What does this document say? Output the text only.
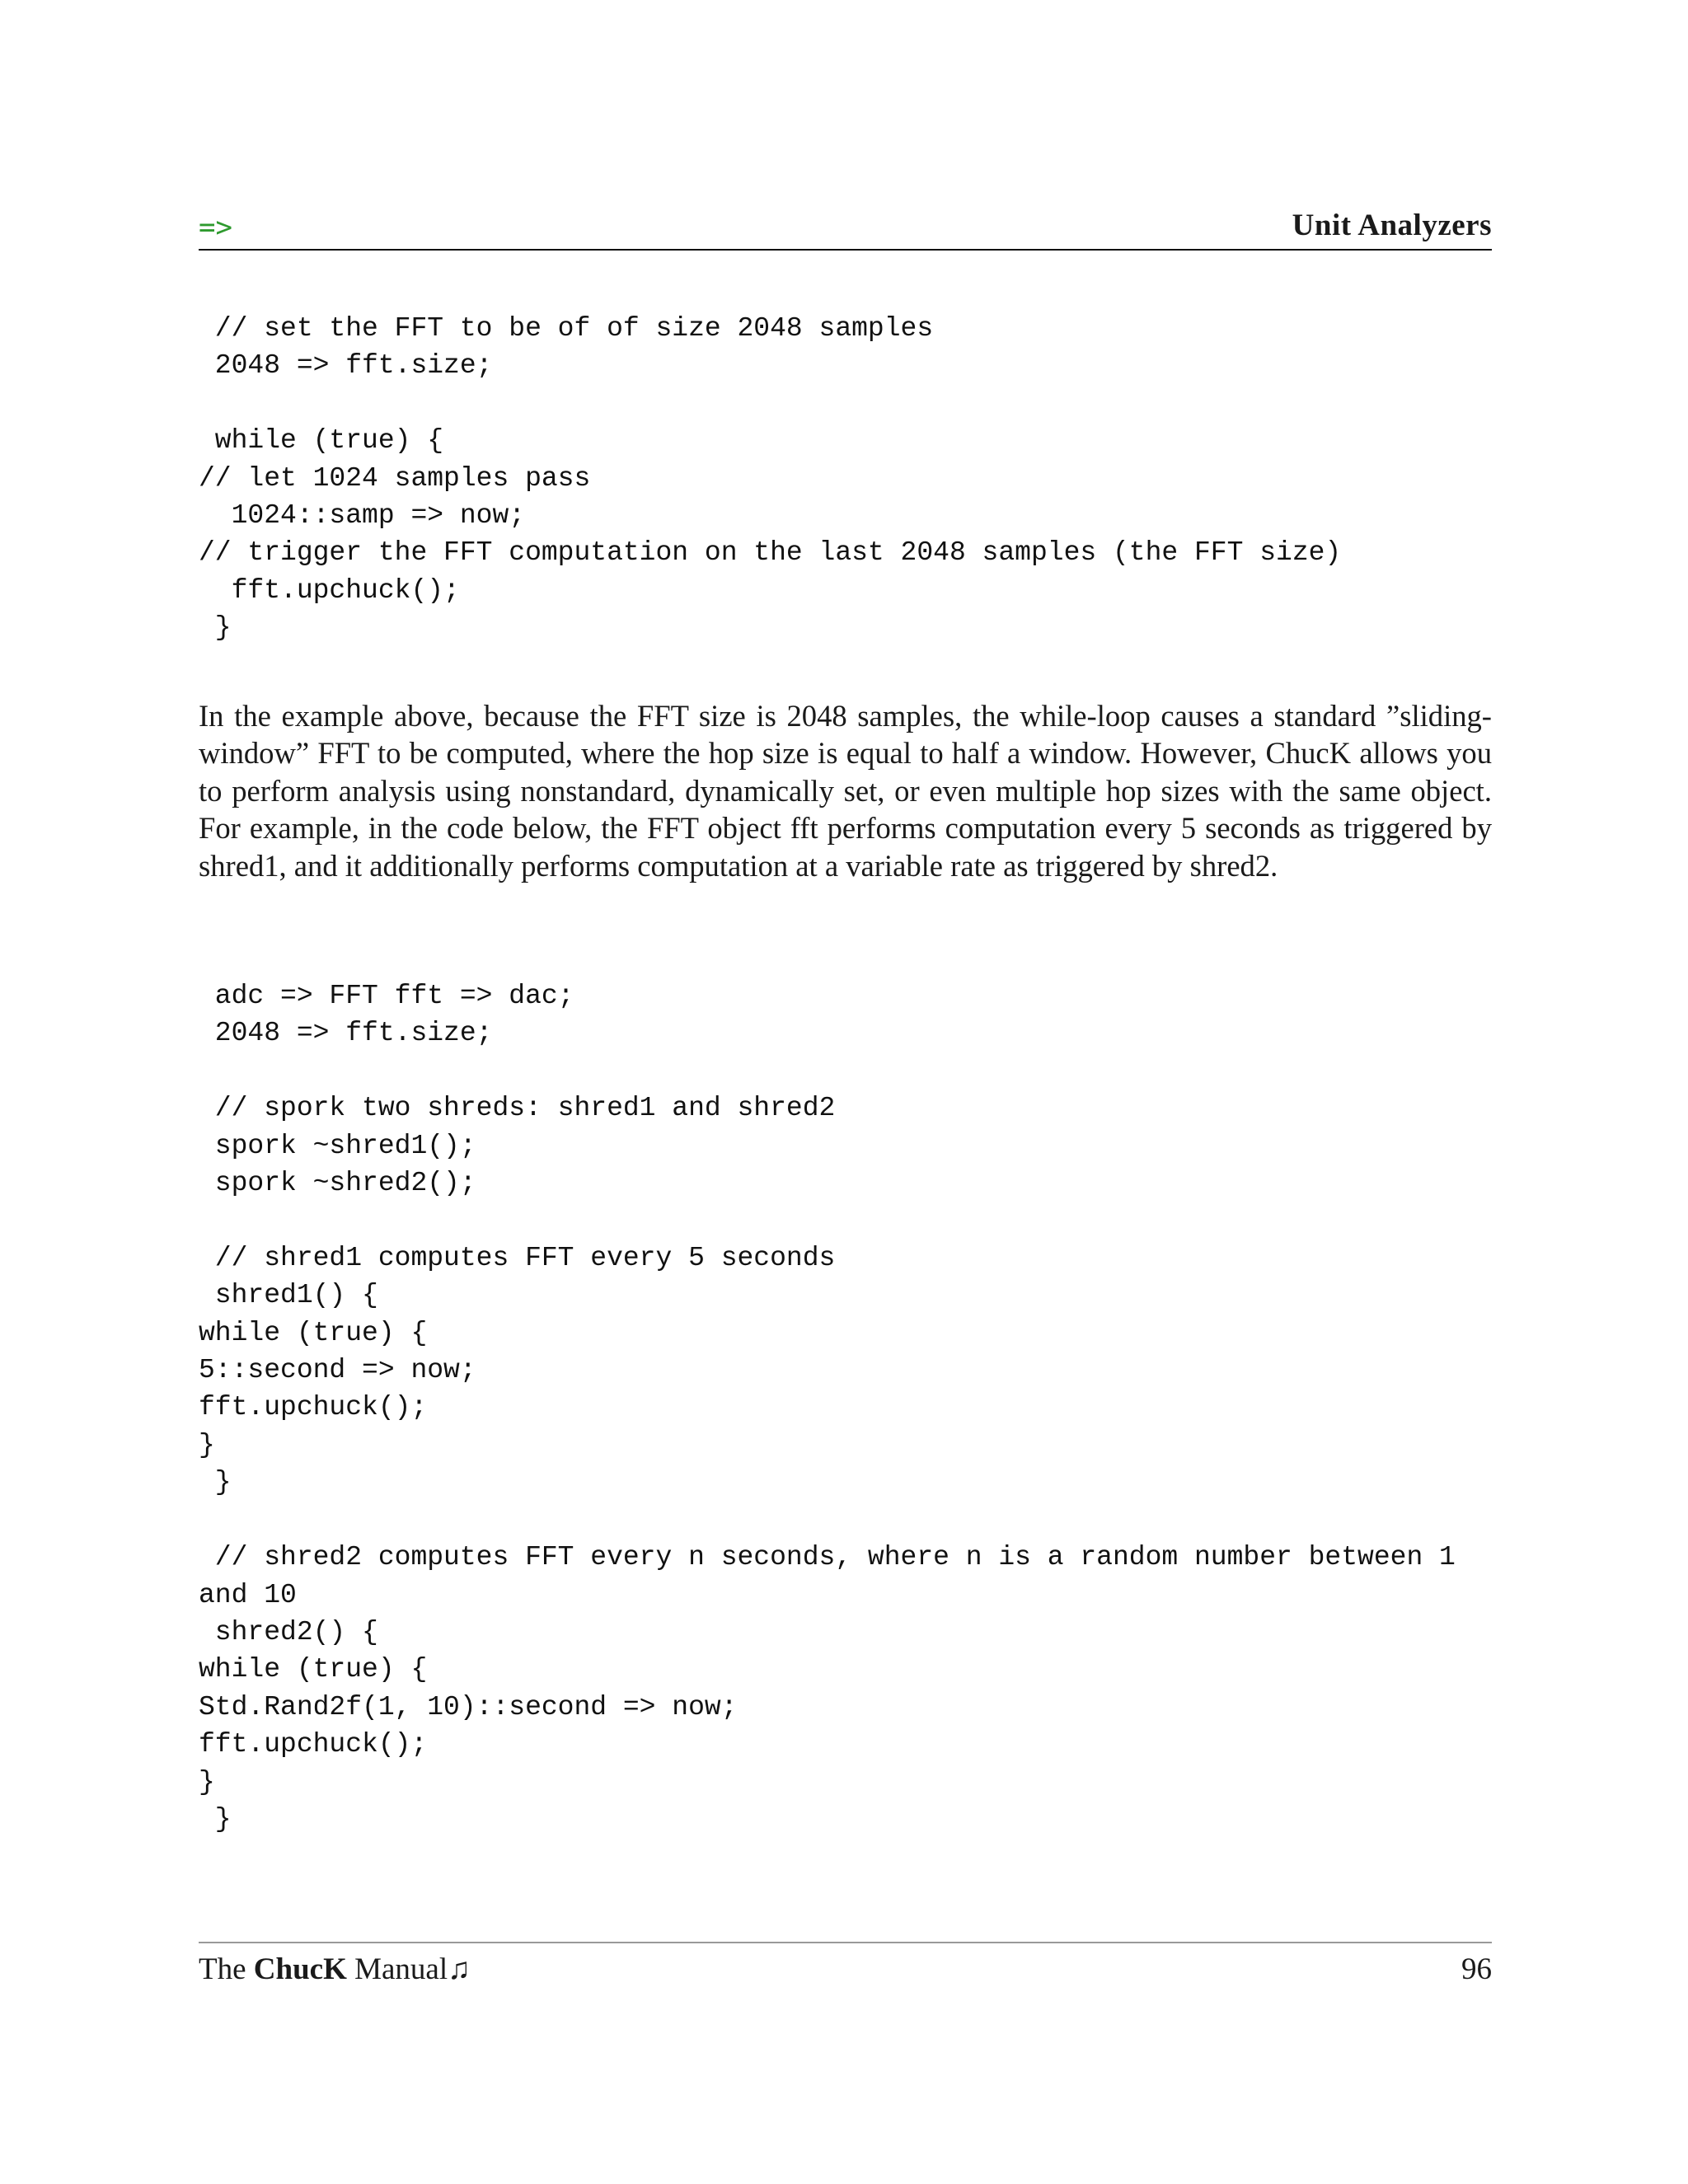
=>	Unit Analyzers
// set the FFT to be of of size 2048 samples
2048 => fft.size;

while (true) {
// let 1024 samples pass
1024::samp => now;
// trigger the FFT computation on the last 2048 samples (the FFT size)
fft.upchuck();
}

In the example above, because the FFT size is 2048 samples, the while-loop causes a standard ”sliding-window” FFT to be computed, where the hop size is equal to half a window. However, ChucK allows you to perform analysis using nonstandard, dynamically set, or even multiple hop sizes with the same object. For example, in the code below, the FFT object fft performs computation every 5 seconds as triggered by shred1, and it additionally performs computation at a variable rate as triggered by shred2.

adc => FFT fft => dac;
2048 => fft.size;

// spork two shreds: shred1 and shred2
spork ~shred1();
spork ~shred2();

// shred1 computes FFT every 5 seconds
shred1() {
while (true) {
5::second => now;
fft.upchuck();
}
}

// shred2 computes FFT every n seconds, where n is a random number between 1
and 10
shred2() {
while (true) {
Std.Rand2f(1, 10)::second => now;
fft.upchuck();
}
}
The ChucK Manual♫	96
